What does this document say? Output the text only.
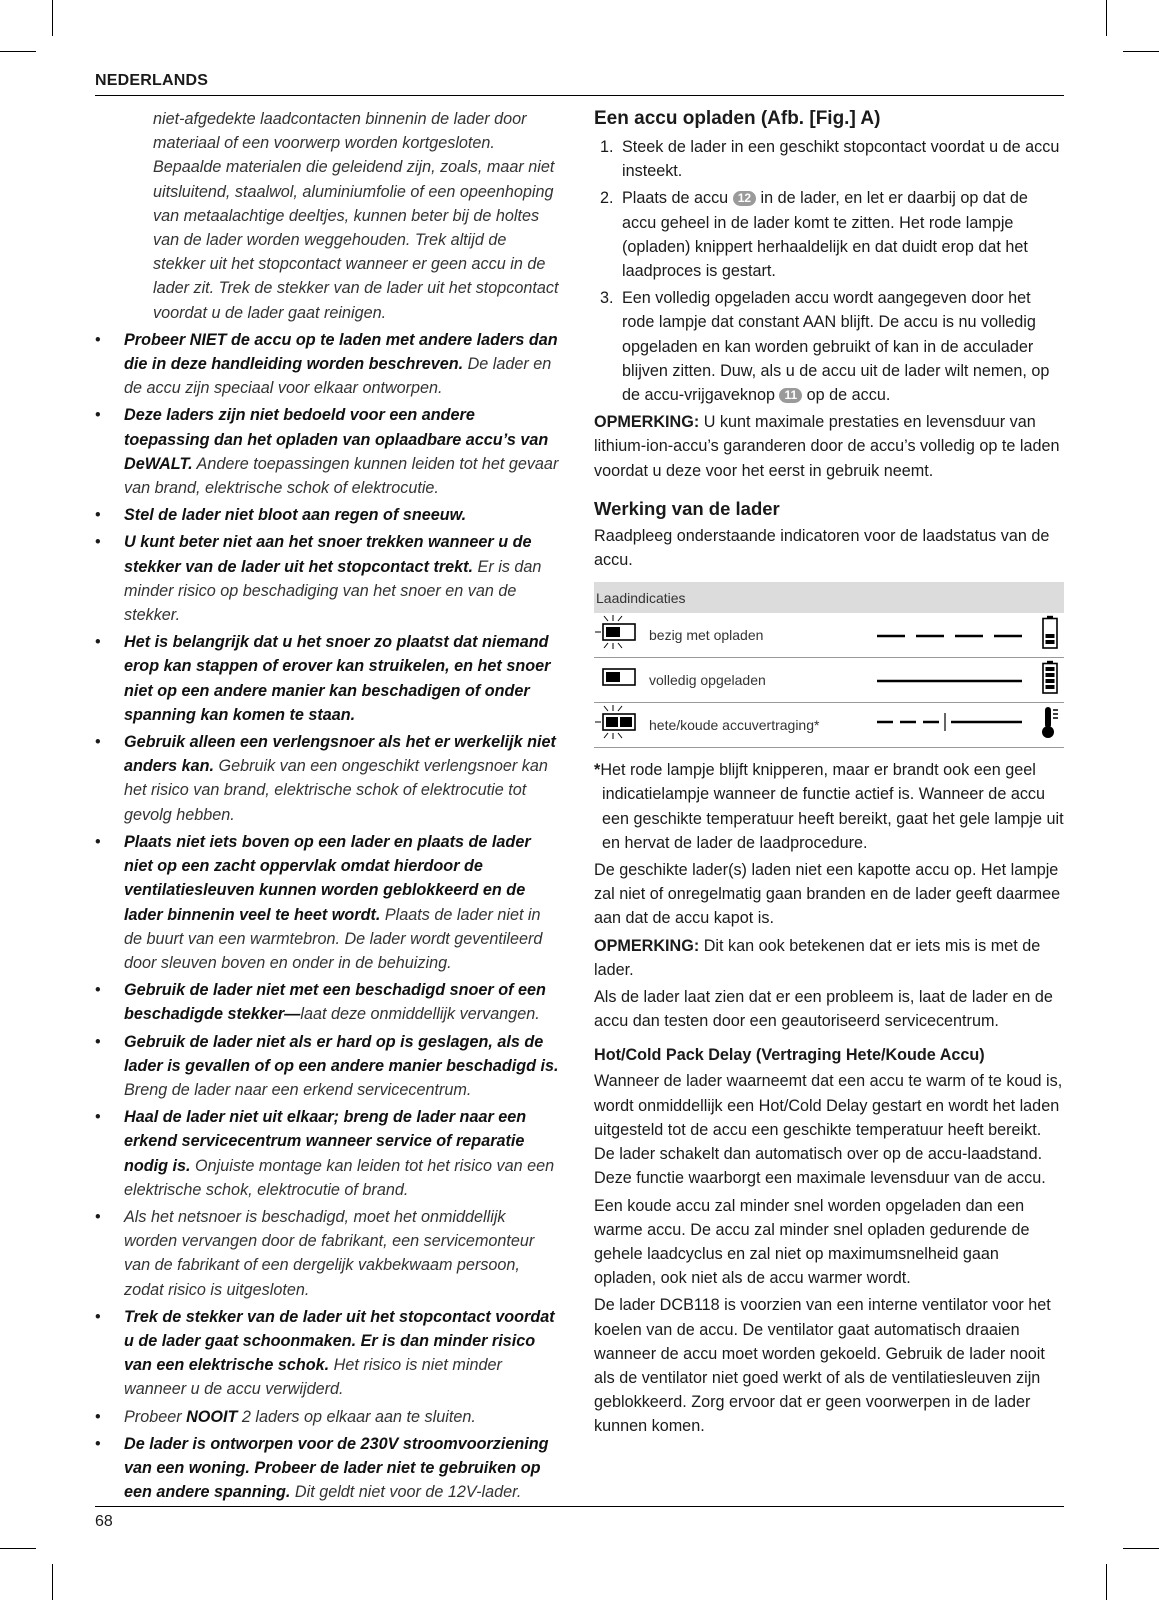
NEDERLANDS
niet-afgedekte laadcontacten binnenin de lader door materiaal of een voorwerp worden kortgesloten. Bepaalde materialen die geleidend zijn, zoals, maar niet uitsluitend, staalwol, aluminiumfolie of een opeenhoping van metaalachtige deeltjes, kunnen beter bij de holtes van de lader worden weggehouden. Trek altijd de stekker uit het stopcontact wanneer er geen accu in de lader zit. Trek de stekker van de lader uit het stopcontact voordat u de lader gaat reinigen.
• Probeer NIET de accu op te laden met andere laders dan die in deze handleiding worden beschreven. De lader en de accu zijn speciaal voor elkaar ontworpen.
• Deze laders zijn niet bedoeld voor een andere toepassing dan het opladen van oplaadbare accu’s van DeWALT. Andere toepassingen kunnen leiden tot het gevaar van brand, elektrische schok of elektrocutie.
• Stel de lader niet bloot aan regen of sneeuw.
• U kunt beter niet aan het snoer trekken wanneer u de stekker van de lader uit het stopcontact trekt. Er is dan minder risico op beschadiging van het snoer en van de stekker.
• Het is belangrijk dat u het snoer zo plaatst dat niemand erop kan stappen of erover kan struikelen, en het snoer niet op een andere manier kan beschadigen of onder spanning kan komen te staan.
• Gebruik alleen een verlengsnoer als het er werkelijk niet anders kan. Gebruik van een ongeschikt verlengsnoer kan het risico van brand, elektrische schok of elektrocutie tot gevolg hebben.
• Plaats niet iets boven op een lader en plaats de lader niet op een zacht oppervlak omdat hierdoor de ventilatiesleuven kunnen worden geblokkeerd en de lader binnenin veel te heet wordt. Plaats de lader niet in de buurt van een warmtebron. De lader wordt geventileerd door sleuven boven en onder in de behuizing.
• Gebruik de lader niet met een beschadigd snoer of een beschadigde stekker—laat deze onmiddellijk vervangen.
• Gebruik de lader niet als er hard op is geslagen, als de lader is gevallen of op een andere manier beschadigd is. Breng de lader naar een erkend servicecentrum.
• Haal de lader niet uit elkaar; breng de lader naar een erkend servicecentrum wanneer service of reparatie nodig is. Onjuiste montage kan leiden tot het risico van een elektrische schok, elektrocutie of brand.
• Als het netsnoer is beschadigd, moet het onmiddellijk worden vervangen door de fabrikant, een servicemonteur van de fabrikant of een dergelijk vakbekwaam persoon, zodat risico is uitgesloten.
• Trek de stekker van de lader uit het stopcontact voordat u de lader gaat schoonmaken. Er is dan minder risico van een elektrische schok. Het risico is niet minder wanneer u de accu verwijderd.
• Probeer NOOIT 2 laders op elkaar aan te sluiten.
• De lader is ontworpen voor de 230V stroomvoorziening van een woning. Probeer de lader niet te gebruiken op een andere spanning. Dit geldt niet voor de 12V-lader.
Een accu opladen (Afb. [Fig.] A)
1. Steek de lader in een geschikt stopcontact voordat u de accu insteekt.
2. Plaats de accu 12 in de lader, en let er daarbij op dat de accu geheel in de lader komt te zitten. Het rode lampje (opladen) knippert herhaaldelijk en dat duidt erop dat het laadproces is gestart.
3. Een volledig opgeladen accu wordt aangegeven door het rode lampje dat constant AAN blijft. De accu is nu volledig opgeladen en kan worden gebruikt of kan in de acculader blijven zitten. Duw, als u de accu uit de lader wilt nemen, op de accu-vrijgaveknop 11 op de accu.

OPMERKING: U kunt maximale prestaties en levensduur van lithium-ion-accu’s garanderen door de accu’s volledig op te laden voordat u deze voor het eerst in gebruik neemt.

Werking van de lader

Raadpleeg onderstaande indicatoren voor de laadstatus van de accu.

Laadindicaties			
	bezig met opladen		
	volledig opgeladen		
	hete/koude accuvertraging*		
*Het rode lampje blijft knipperen, maar er brandt ook een geel indicatielampje wanneer de functie actief is. Wanneer de accu een geschikte temperatuur heeft bereikt, gaat het gele lampje uit en hervat de lader de laadprocedure.

De geschikte lader(s) laden niet een kapotte accu op. Het lampje zal niet of onregelmatig gaan branden en de lader geeft daarmee aan dat de accu kapot is.

OPMERKING: Dit kan ook betekenen dat er iets mis is met de lader.

Als de lader laat zien dat er een probleem is, laat de lader en de accu dan testen door een geautoriseerd servicecentrum.

Hot/Cold Pack Delay (Vertraging Hete/Koude Accu)

Wanneer de lader waarneemt dat een accu te warm of te koud is, wordt onmiddellijk een Hot/Cold Delay gestart en wordt het laden uitgesteld tot de accu een geschikte temperatuur heeft bereikt. De lader schakelt dan automatisch over op de accu-laadstand. Deze functie waarborgt een maximale levensduur van de accu.

Een koude accu zal minder snel worden opgeladen dan een warme accu. De accu zal minder snel opladen gedurende de gehele laadcyclus en zal niet op maximumsnelheid gaan opladen, ook niet als de accu warmer wordt.

De lader DCB118 is voorzien van een interne ventilator voor het koelen van de accu. De ventilator gaat automatisch draaien wanneer de accu moet worden gekoeld. Gebruik de lader nooit als de ventilator niet goed werkt of als de ventilatiesleuven zijn geblokkeerd. Zorg ervoor dat er geen voorwerpen in de lader kunnen komen.

68
